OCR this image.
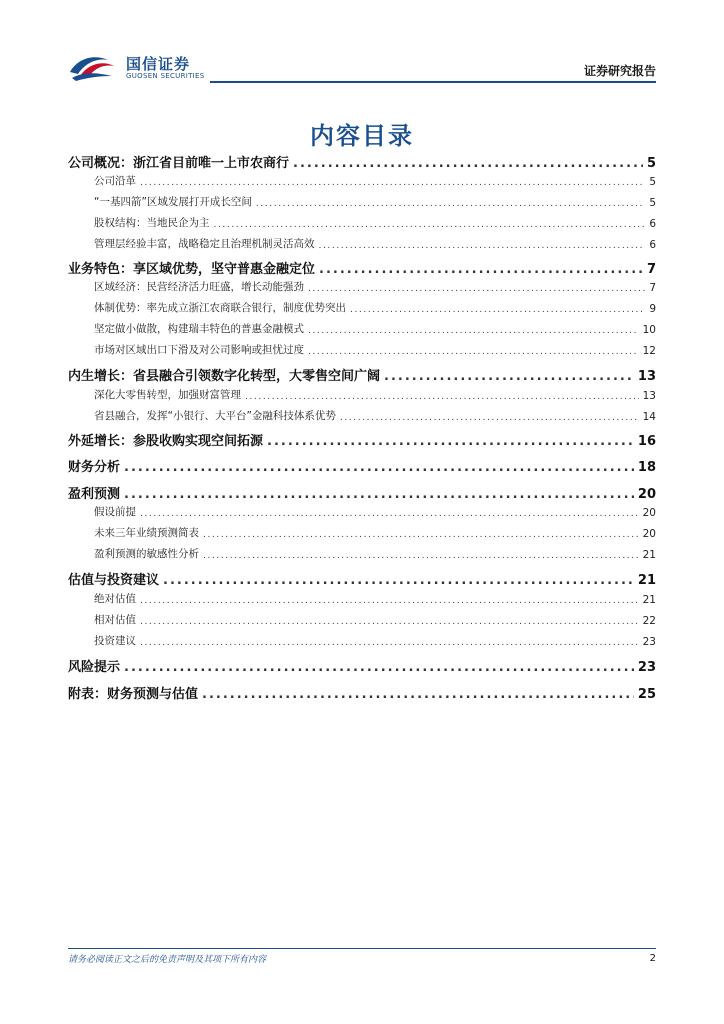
国信证券
GUOSEN SECURITIES	证券研究报告
内容目录
公司概况：浙江省目前唯一上市农商行 .....	5
公司沿革 .....	5
“一基四箭”区域发展打开成长空间 .....	5
股权结构：当地民企为主 .....	6
管理层经验丰富，战略稳定且治理机制灵活高效 .....	6
业务特色：享区域优势，坚守普惠金融定位 .....	7
区域经济：民营经济活力旺盛，增长动能强劲 .....	7
体制优势：率先成立浙江农商联合银行，制度优势突出 .....	9
坚定做小做散，构建瑞丰特色的普惠金融模式 .....	10
市场对区域出口下滑及对公司影响或担忧过度 .....	12
内生增长：省县融合引领数字化转型，大零售空间广阔 .....	13
深化大零售转型，加强财富管理 .....	13
省县融合，发挥“小银行、大平台”金融科技体系优势 .....	14
外延增长：参股收购实现空间拓源 .....	16
财务分析 .....	18
盈利预测 .....	20
假设前提 .....	20
未来三年业绩预测简表 .....	20
盈利预测的敏感性分析 .....	21
估值与投资建议 .....	21
绝对估值 .....	21
相对估值 .....	22
投资建议 .....	23
风险提示 .....	23
附表：财务预测与估值 .....	25
请务必阅读正文之后的免责声明及其项下所有内容	2
